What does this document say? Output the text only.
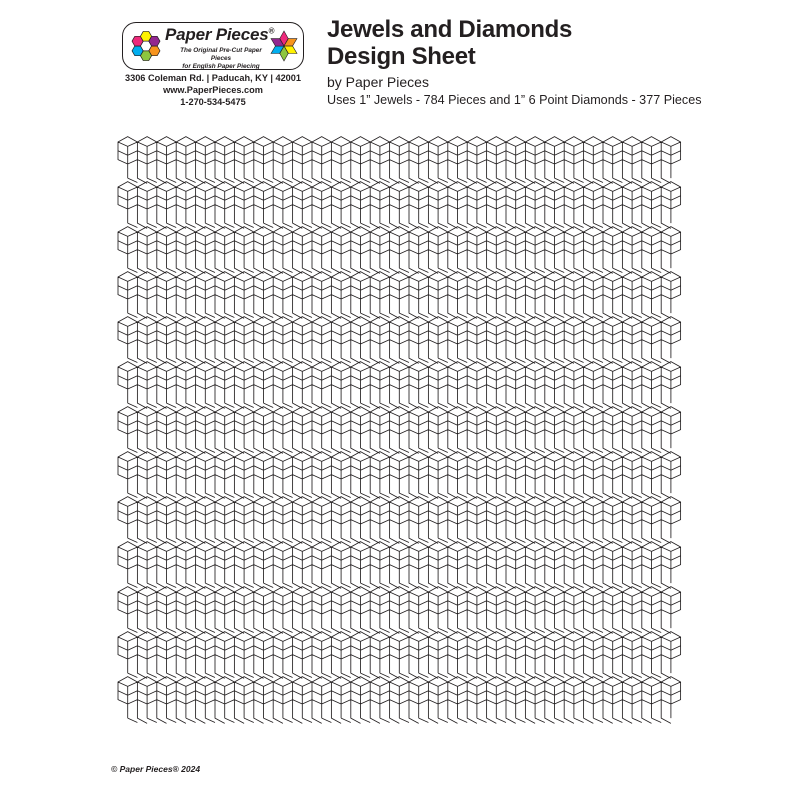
Paper Pieces®
The Original Pre-Cut Paper Pieces
for English Paper Piecing
3306 Coleman Rd. | Paducah, KY | 42001
www.PaperPieces.com
1-270-534-5475
Jewels and Diamonds
Design Sheet
by Paper Pieces
Uses 1” Jewels - 784 Pieces and 1” 6 Point Diamonds - 377 Pieces
© Paper Pieces® 2024
